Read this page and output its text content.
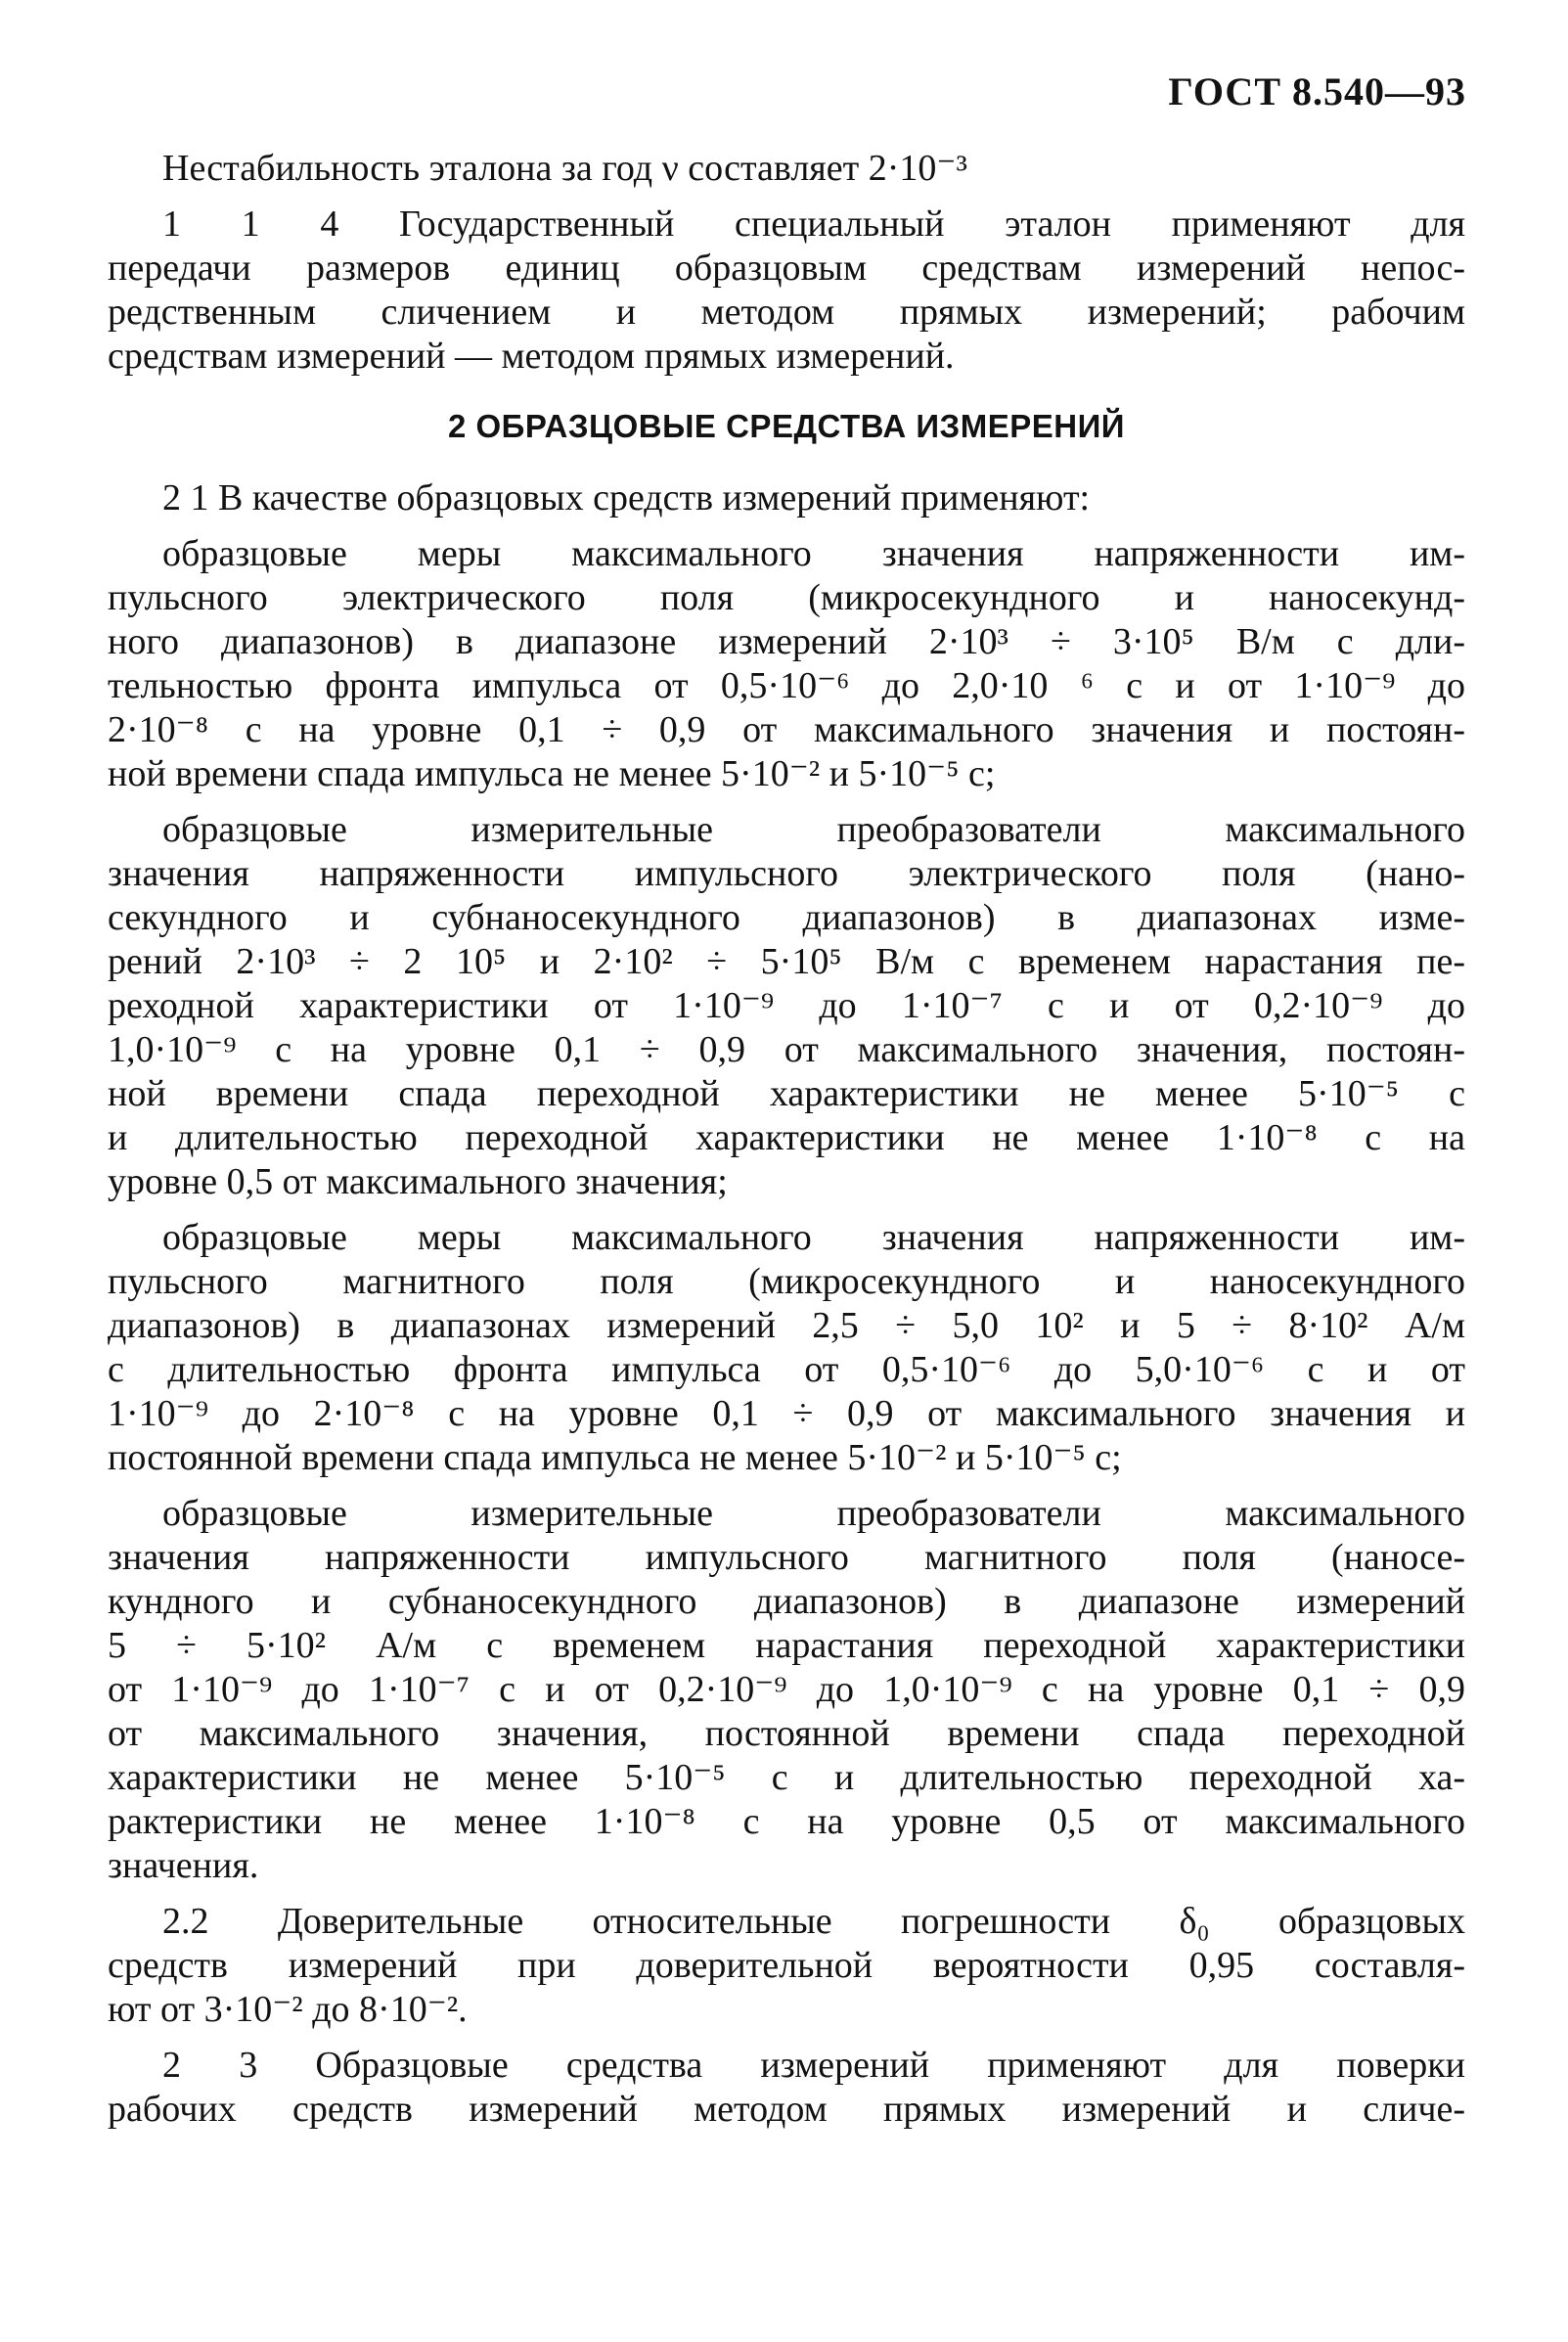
ГОСТ 8.540—93
Нестабильность эталона за год ν составляет 2·10⁻³
1 1 4 Государственный специальный эталон применяют для
передачи размеров единиц образцовым средствам измерений непос-
редственным сличением и методом прямых измерений; рабочим
средствам измерений — методом прямых измерений.
2 ОБРАЗЦОВЫЕ СРЕДСТВА ИЗМЕРЕНИЙ
2 1 В качестве образцовых средств измерений применяют:
образцовые меры максимального значения напряженности им-
пульсного электрического поля (микросекундного и наносекунд-
ного диапазонов) в диапазоне измерений 2·10³ ÷ 3·10⁵ В/м с дли-
тельностью фронта импульса от 0,5·10⁻⁶ до 2,0·10 ⁶ с и от 1·10⁻⁹ до
2·10⁻⁸ с на уровне 0,1 ÷ 0,9 от максимального значения и постоян-
ной времени спада импульса не менее 5·10⁻² и 5·10⁻⁵ с;
образцовые измерительные преобразователи максимального
значения напряженности импульсного электрического поля (нано-
секундного и субнаносекундного диапазонов) в диапазонах изме-
рений 2·10³ ÷ 2 10⁵ и 2·10² ÷ 5·10⁵ В/м с временем нарастания пе-
реходной характеристики от 1·10⁻⁹ до 1·10⁻⁷ с и от 0,2·10⁻⁹ до
1,0·10⁻⁹ с на уровне 0,1 ÷ 0,9 от максимального значения, постоян-
ной времени спада переходной характеристики не менее 5·10⁻⁵ с
и длительностью переходной характеристики не менее 1·10⁻⁸ с на
уровне 0,5 от максимального значения;
образцовые меры максимального значения напряженности им-
пульсного магнитного поля (микросекундного и наносекундного
диапазонов) в диапазонах измерений 2,5 ÷ 5,0 10² и 5 ÷ 8·10² А/м
с длительностью фронта импульса от 0,5·10⁻⁶ до 5,0·10⁻⁶ с и от
1·10⁻⁹ до 2·10⁻⁸ с на уровне 0,1 ÷ 0,9 от максимального значения и
постоянной времени спада импульса не менее 5·10⁻² и 5·10⁻⁵ с;
образцовые измерительные преобразователи максимального
значения напряженности импульсного магнитного поля (наносе-
кундного и субнаносекундного диапазонов) в диапазоне измерений
5 ÷ 5·10² А/м с временем нарастания переходной характеристики
от 1·10⁻⁹ до 1·10⁻⁷ с и от 0,2·10⁻⁹ до 1,0·10⁻⁹ с на уровне 0,1 ÷ 0,9
от максимального значения, постоянной времени спада переходной
характеристики не менее 5·10⁻⁵ с и длительностью переходной ха-
рактеристики не менее 1·10⁻⁸ с на уровне 0,5 от максимального
значения.
2.2 Доверительные относительные погрешности δ₀ образцовых
средств измерений при доверительной вероятности 0,95 составля-
ют от 3·10⁻² до 8·10⁻².
2 3 Образцовые средства измерений применяют для поверки
рабочих средств измерений методом прямых измерений и сличе-
